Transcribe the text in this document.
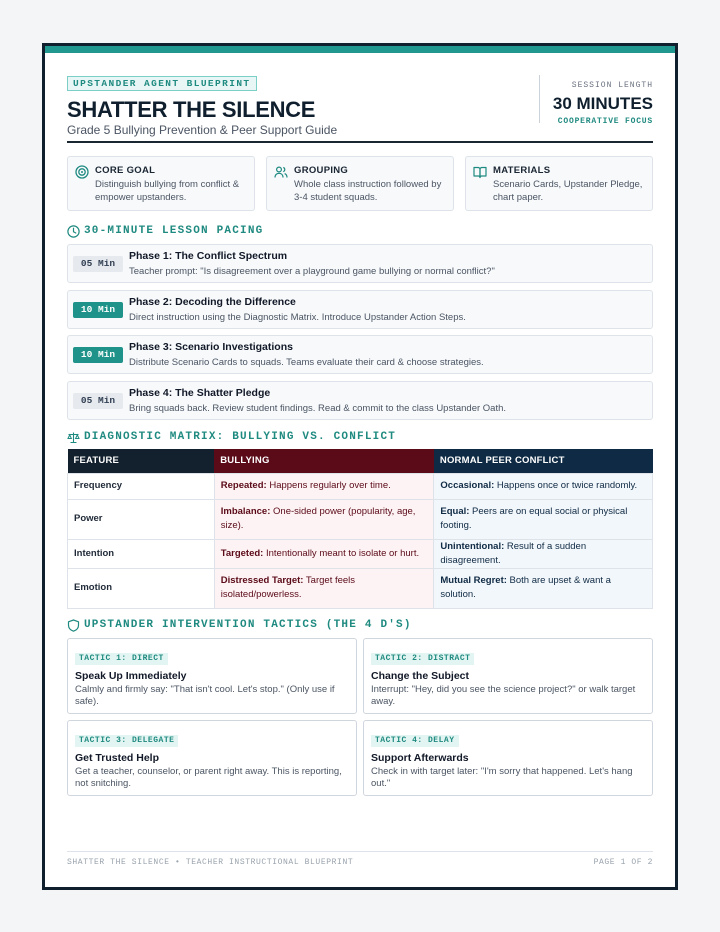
UPSTANDER AGENT BLUEPRINT
SHATTER THE SILENCE
Grade 5 Bullying Prevention & Peer Support Guide
SESSION LENGTH
30 MINUTES
COOPERATIVE FOCUS
CORE GOAL
Distinguish bullying from conflict & empower upstanders.
GROUPING
Whole class instruction followed by 3-4 student squads.
MATERIALS
Scenario Cards, Upstander Pledge, chart paper.
30-MINUTE LESSON PACING
05 Min
Phase 1: The Conflict Spectrum
Teacher prompt: "Is disagreement over a playground game bullying or normal conflict?"
10 Min
Phase 2: Decoding the Difference
Direct instruction using the Diagnostic Matrix. Introduce Upstander Action Steps.
10 Min
Phase 3: Scenario Investigations
Distribute Scenario Cards to squads. Teams evaluate their card & choose strategies.
05 Min
Phase 4: The Shatter Pledge
Bring squads back. Review student findings. Read & commit to the class Upstander Oath.
DIAGNOSTIC MATRIX: BULLYING VS. CONFLICT
FEATURE	BULLYING	NORMAL PEER CONFLICT
Frequency	Repeated: Happens regularly over time.	Occasional: Happens once or twice randomly.
Power	Imbalance: One-sided power (popularity, age, size).	Equal: Peers are on equal social or physical footing.
Intention	Targeted: Intentionally meant to isolate or hurt.	Unintentional: Result of a sudden disagreement.
Emotion	Distressed Target: Target feels isolated/powerless.	Mutual Regret: Both are upset & want a solution.
UPSTANDER INTERVENTION TACTICS (THE 4 D'S)
TACTIC 1: DIRECT
Speak Up Immediately
Calmly and firmly say: "That isn't cool. Let's stop." (Only use if safe).
TACTIC 2: DISTRACT
Change the Subject
Interrupt: "Hey, did you see the science project?" or walk target away.
TACTIC 3: DELEGATE
Get Trusted Help
Get a teacher, counselor, or parent right away. This is reporting, not snitching.
TACTIC 4: DELAY
Support Afterwards
Check in with target later: "I'm sorry that happened. Let's hang out."
SHATTER THE SILENCE • TEACHER INSTRUCTIONAL BLUEPRINT	PAGE 1 OF 2
